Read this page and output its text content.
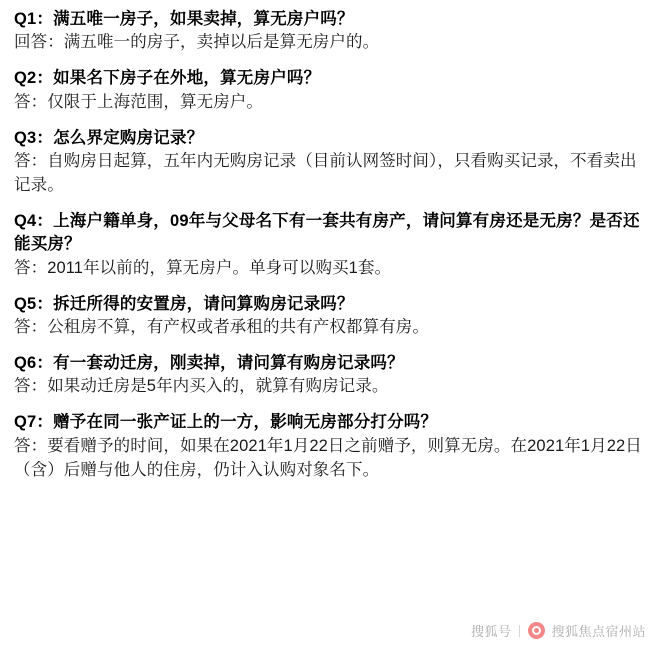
Q1：满五唯一房子，如果卖掉，算无房户吗？
回答：满五唯一的房子，卖掉以后是算无房户的。
Q2：如果名下房子在外地，算无房户吗？
答：仅限于上海范围，算无房户。
Q3：怎么界定购房记录？
答：自购房日起算，五年内无购房记录（目前认网签时间），只看购买记录，不看卖出记录。
Q4：上海户籍单身，09年与父母名下有一套共有房产，请问算有房还是无房？是否还能买房？
答：2011年以前的，算无房户。单身可以购买1套。
Q5：拆迁所得的安置房，请问算购房记录吗？
答：公租房不算，有产权或者承租的共有产权都算有房。
Q6：有一套动迁房，刚卖掉，请问算有购房记录吗？
答：如果动迁房是5年内买入的，就算有购房记录。
Q7：赠予在同一张产证上的一方，影响无房部分打分吗？
答：要看赠予的时间，如果在2021年1月22日之前赠予，则算无房。在2021年1月22日（含）后赠与他人的住房，仍计入认购对象名下。
搜狐号	搜狐焦点宿州站
